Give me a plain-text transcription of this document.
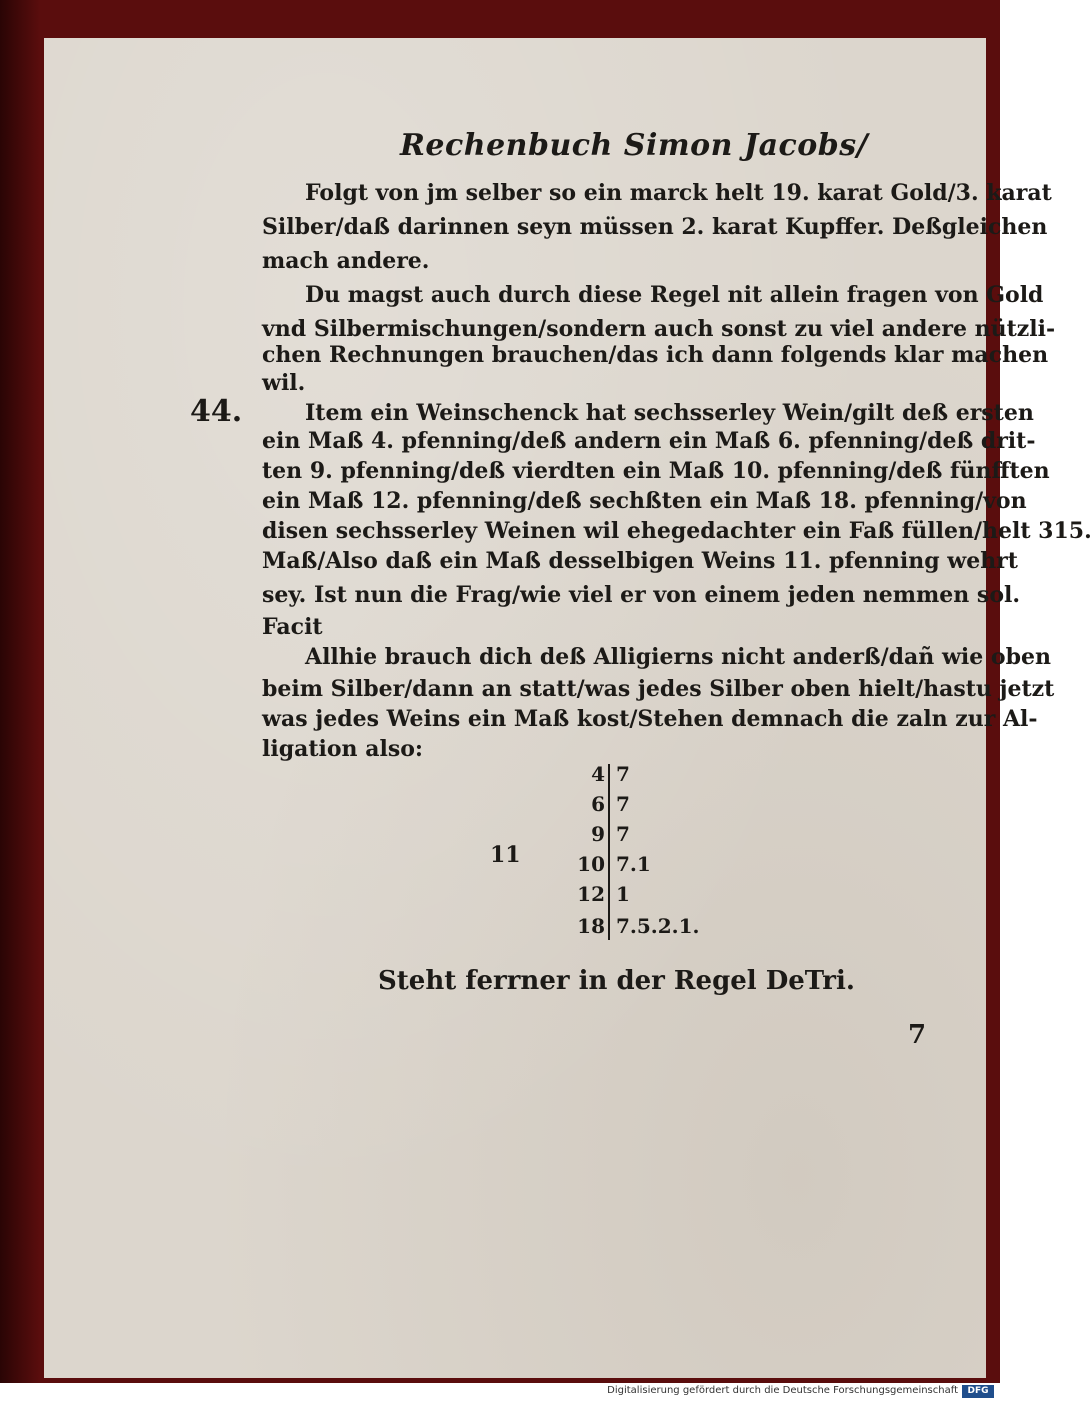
Rechenbuch Simon Jacobs/
44.
Folgt von jm selber so ein marck helt 19. karat Gold/3. karat
Silber/daß darinnen seyn müssen 2. karat Kupffer. Deßgleichen
mach andere.
Du magst auch durch diese Regel nit allein fragen von Gold
vnd Silbermischungen/sondern auch sonst zu viel andere nützli-
chen Rechnungen brauchen/das ich dann folgends klar machen
wil.
Item ein Weinschenck hat sechsserley Wein/gilt deß ersten
ein Maß 4. pfenning/deß andern ein Maß 6. pfenning/deß drit-
ten 9. pfenning/deß vierdten ein Maß 10. pfenning/deß fünfften
ein Maß 12. pfenning/deß sechßten ein Maß 18. pfenning/von
disen sechsserley Weinen wil ehegedachter ein Faß füllen/helt 315.
Maß/Also daß ein Maß desselbigen Weins 11. pfenning wehrt
sey. Ist nun die Frag/wie viel er von einem jeden nemmen sol.
Facit
Allhie brauch dich deß Alligierns nicht anderß/dañ wie oben
beim Silber/dann an statt/was jedes Silber oben hielt/hastu jetzt
was jedes Weins ein Maß kost/Stehen demnach die zaln zur Al-
ligation also:
11
4 7
6 7
9 7
10 7.1
12 1
18 7.5.2.1.
Steht ferrner in der Regel DeTri.
7
Digitalisierung gefördert durch die Deutsche Forschungsgemeinschaft	DFG
